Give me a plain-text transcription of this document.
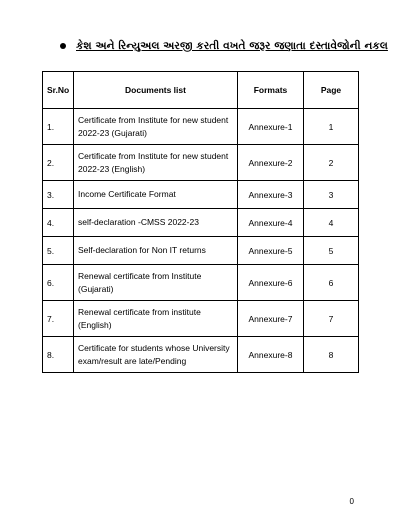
કેશ અને રિન્યુઅલ અરજી કરતી વખતે જરૂર જણાતા દસ્તાવેજોની નકલ
Sr.No	Documents list	Formats	Page
1.	Certificate from Institute for new student 2022-23 (Gujarati)	Annexure-1	1
2.	Certificate from Institute for new student 2022-23 (English)	Annexure-2	2
3.	Income Certificate Format	Annexure-3	3
4.	self-declaration -CMSS 2022-23	Annexure-4	4
5.	Self-declaration for Non IT returns	Annexure-5	5
6.	Renewal certificate from Institute (Gujarati)	Annexure-6	6
7.	Renewal certificate from institute (English)	Annexure-7	7
8.	Certificate for students whose University exam/result are late/Pending	Annexure-8	8
0
